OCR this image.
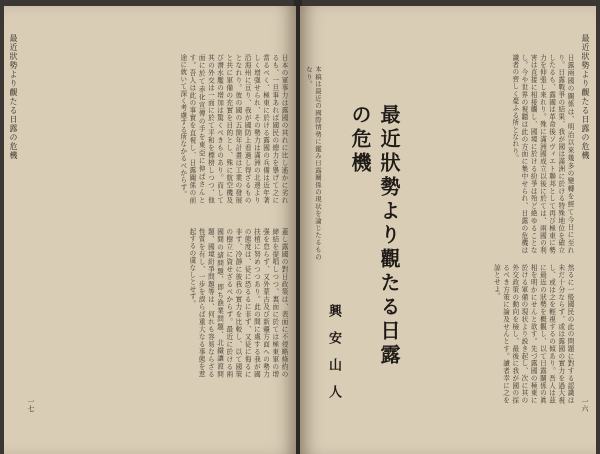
最近狀勢より觀たる日露の危機	日本の軍事力は露國の其れに比し遙かに劣れるも、一旦事あれば國民の總力を擧げて之に當るべく、極東に於ける露國の兵備は近年著しく增强せられ、その勢力は滿洲の北邊より沿海州に亘り、我が國防上看過し得ざるものとなれり。彼の國の五箇年計畫は工業の發展と共に軍備の充實を目的とし、殊に航空機及び潛水艦の增加は驚くべきものあり。而して其の外交は一面に於て平和を標榜しつつ、他面に於て赤化宣傳の手を東亞に伸ばさんとす。吾人は此の事實を直視し、日露關係の前途に就いて深く考慮する所なかるべからず。
蓋し露國の對日政策は、表面に不侵略條約の締結を提唱しつつ、裏面に於ては極東軍の增强を怠らず、又外蒙古及び新疆方面への勢力扶植に努めつつあり。此の間に處する我が國の態度は、徒に恐るるに非ず、又徒に侮るに非ず、冷靜に彼我の實力を比較し、以て國策の樹立に資せざるべからず。最近に於ける兩國間の諸問題、即ち漁業問題、北鐵讓渡問題、國境紛爭問題等は、何れも容易ならざる性質を有し、一步を誤らば重大なる事態を惹起するの虞なしとせず。
一七
最近狀勢より觀たる日露の危機
日露兩國の關係は、明治以來幾多の變轉を經て今日に至れり。日露戰爭の結果、我が國は滿洲に於ける特殊地位を確立したるも、露國は革命後ソヴィエト聯邦として再び極東に勢力を伸張し來れり。殊に滿洲國成立以後に於ては、兩國の利害は直接に相接觸し、國境に於ける紛爭は殆ど絶ゆることなし。今や世界の視聽は此の方面に集中せられ、日露の危機は識者の齊しく憂ふる所となれり。
然るに一般國民の此の問題に對する認識は未だ十分ならず、或は露國の實力を過大視し、或は之を輕視するの傾あり。吾人は茲に最近の狀勢を概觀し、以て日露關係の眞相を明かにせんと欲す。先づ露國の極東に於ける軍備の現状より説き起し、次に其の外交政策の動向を檢し、最後に我が國の採るべき方策に論及せんとす。讀者幸に之を諒とせよ。
最近狀勢より觀たる日露の危機
興安山人
本稿は最近の國際情勢に鑑み日露關係の現状を論じたるものなり。
一六
